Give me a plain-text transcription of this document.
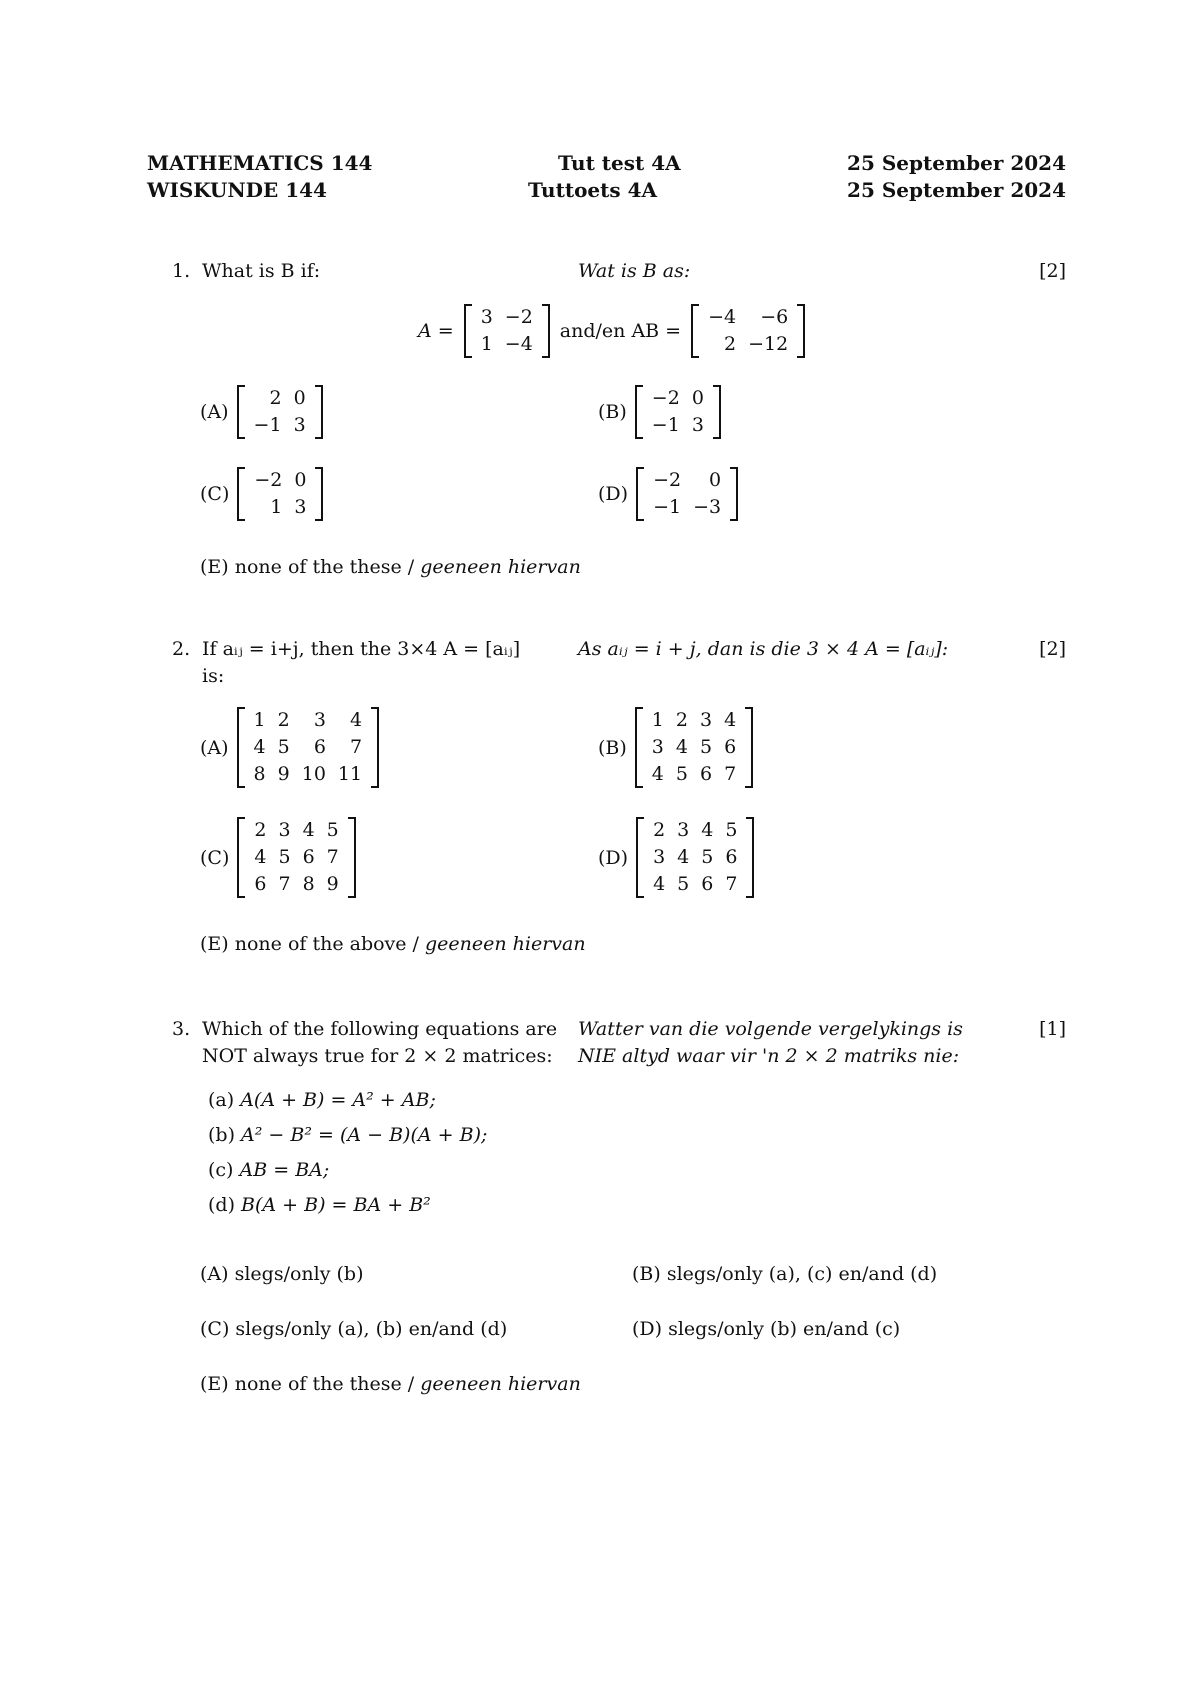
MATHEMATICS 144
WISKUNDE 144
Tut test 4A
Tuttoets 4A
25 September 2024
25 September 2024
1. What is B if:	Wat is B as:	[2]
A =
3	−2
1	−4
and/en AB =
−4	−6
2	−12
(A)
2	0
−1	3
(B)
−2	0
−1	3
(C)
−2	0
1	3
(D)
−2	0
−1	−3
(E) none of the these / geeneen hiervan
2. If aᵢⱼ = i+j, then the 3×4 A = [aᵢⱼ]
is:
As aᵢⱼ = i + j, dan is die 3 × 4 A = [aᵢⱼ]:	[2]
(A)
1	2	3	4
4	5	6	7
8	9	10	11
(B)
1	2	3	4
3	4	5	6
4	5	6	7
(C)
2	3	4	5
4	5	6	7
6	7	8	9
(D)
2	3	4	5
3	4	5	6
4	5	6	7
(E) none of the above / geeneen hiervan
3. Which of the following equations are
NOT always true for 2 × 2 matrices:
Watter van die volgende vergelykings is
NIE altyd waar vir 'n 2 × 2 matriks nie:
[1]
(a) A(A + B) = A² + AB;
(b) A² − B² = (A − B)(A + B);
(c) AB = BA;
(d) B(A + B) = BA + B²
(A) slegs/only (b)	(B) slegs/only (a), (c) en/and (d)
(C) slegs/only (a), (b) en/and (d)	(D) slegs/only (b) en/and (c)
(E) none of the these / geeneen hiervan
